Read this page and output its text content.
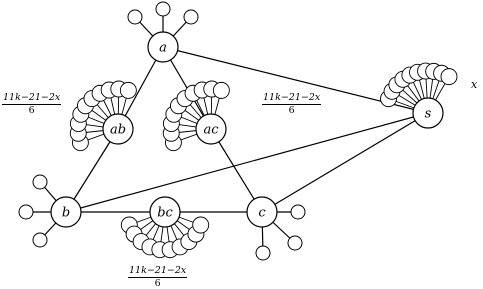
a
ab	ac
s
b	bc	c
$\frac{11k-21-2x}{6}$	$\frac{11k-21-2x}{6}$
$\frac{11k-21-2x}{6}$
x
